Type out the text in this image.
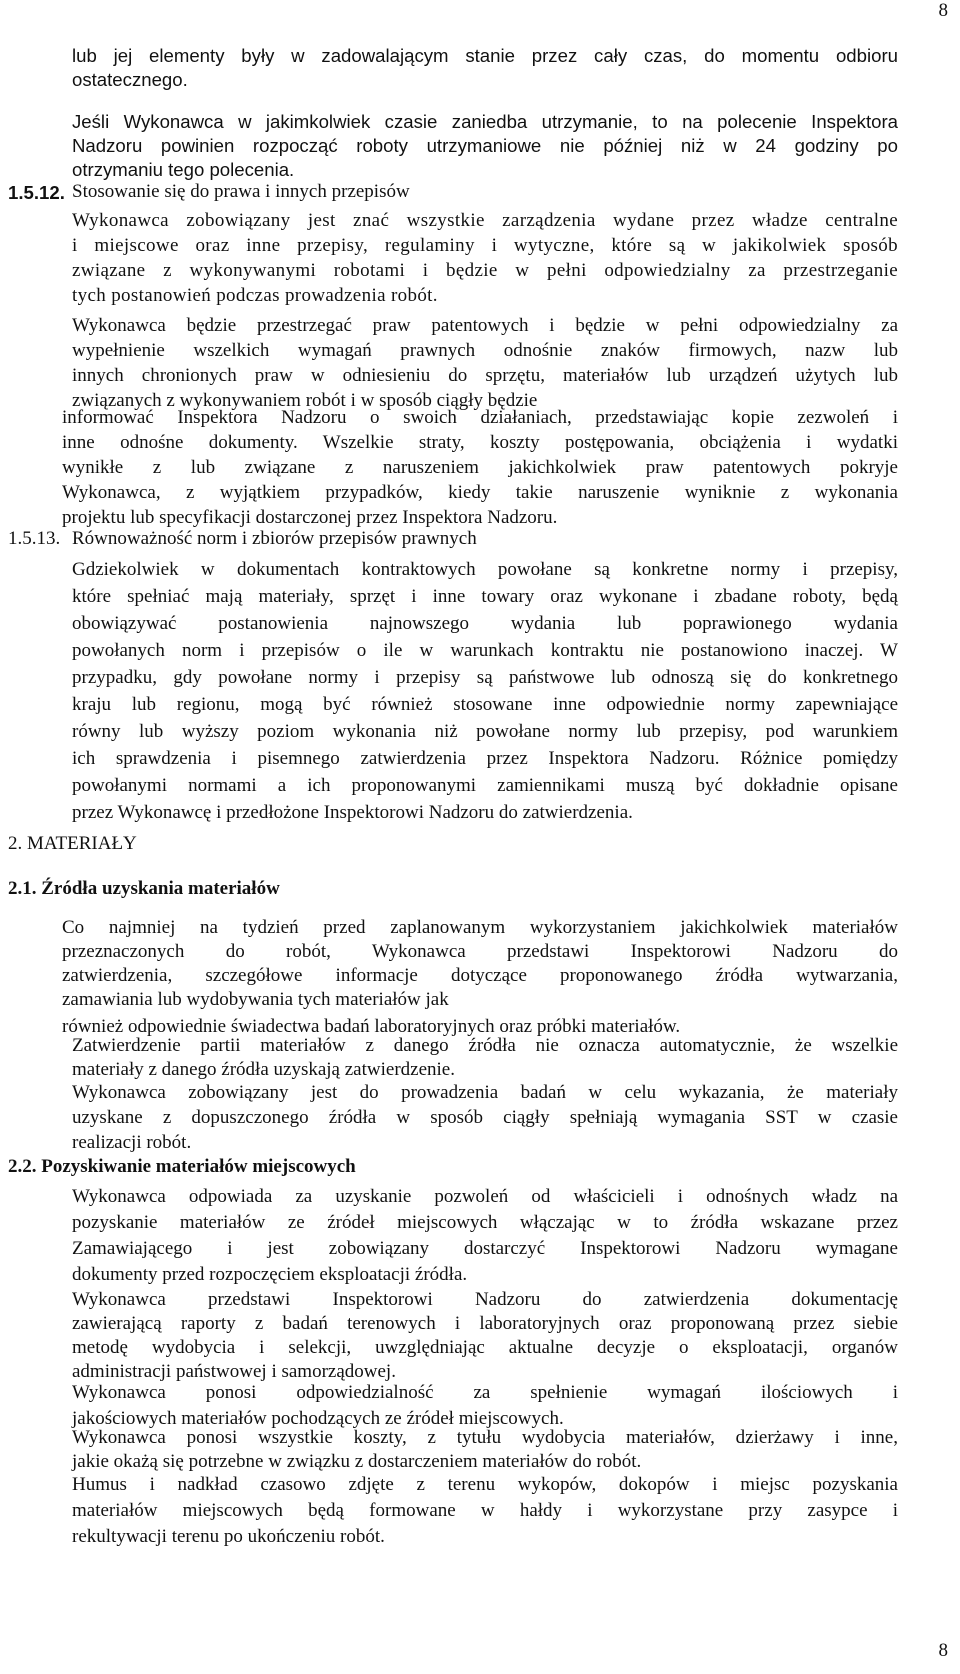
8
lub jej elementy były w zadowalającym stanie przez cały czas, do momentu odbioru
ostatecznego.
Jeśli Wykonawca w jakimkolwiek czasie zaniedba utrzymanie, to na polecenie Inspektora
Nadzoru powinien rozpocząć roboty utrzymaniowe nie później niż w 24 godziny po
otrzymaniu tego polecenia.
1.5.12. Stosowanie się do prawa i innych przepisów
Wykonawca zobowiązany jest znać wszystkie zarządzenia wydane przez władze centralne
i miejscowe oraz inne przepisy, regulaminy i wytyczne, które są w jakikolwiek sposób
związane z wykonywanymi robotami i będzie w pełni odpowiedzialny za przestrzeganie
tych postanowień podczas prowadzenia robót.
Wykonawca będzie przestrzegać praw patentowych i będzie w pełni odpowiedzialny za
wypełnienie wszelkich wymagań prawnych odnośnie znaków firmowych, nazw lub
innych chronionych praw w odniesieniu do sprzętu, materiałów lub urządzeń użytych lub
związanych z wykonywaniem robót i w sposób ciągły będzie
informować Inspektora Nadzoru o swoich działaniach, przedstawiając kopie zezwoleń i
inne odnośne dokumenty. Wszelkie straty, koszty postępowania, obciążenia i wydatki
wynikłe z lub związane z naruszeniem jakichkolwiek praw patentowych pokryje
Wykonawca, z wyjątkiem przypadków, kiedy takie naruszenie wyniknie z wykonania
projektu lub specyfikacji dostarczonej przez Inspektora Nadzoru.
1.5.13. Równoważność norm i zbiorów przepisów prawnych
Gdziekolwiek w dokumentach kontraktowych powołane są konkretne normy i przepisy,
które spełniać mają materiały, sprzęt i inne towary oraz wykonane i zbadane roboty, będą
obowiązywać postanowienia najnowszego wydania lub poprawionego wydania
powołanych norm i przepisów o ile w warunkach kontraktu nie postanowiono inaczej. W
przypadku, gdy powołane normy i przepisy są państwowe lub odnoszą się do konkretnego
kraju lub regionu, mogą być również stosowane inne odpowiednie normy zapewniające
równy lub wyższy poziom wykonania niż powołane normy lub przepisy, pod warunkiem
ich sprawdzenia i pisemnego zatwierdzenia przez Inspektora Nadzoru. Różnice pomiędzy
powołanymi normami a ich proponowanymi zamiennikami muszą być dokładnie opisane
przez Wykonawcę i przedłożone Inspektorowi Nadzoru do zatwierdzenia.
2. MATERIAŁY
2.1. Źródła uzyskania materiałów
Co najmniej na tydzień przed zaplanowanym wykorzystaniem jakichkolwiek materiałów
przeznaczonych do robót, Wykonawca przedstawi Inspektorowi Nadzoru do
zatwierdzenia, szczegółowe informacje dotyczące proponowanego źródła wytwarzania,
zamawiania lub wydobywania tych materiałów jak
również odpowiednie świadectwa badań laboratoryjnych oraz próbki materiałów.
Zatwierdzenie partii materiałów z danego źródła nie oznacza automatycznie, że wszelkie
materiały z danego źródła uzyskają zatwierdzenie.
Wykonawca zobowiązany jest do prowadzenia badań w celu wykazania, że materiały
uzyskane z dopuszczonego źródła w sposób ciągły spełniają wymagania SST w czasie
realizacji robót.
2.2. Pozyskiwanie materiałów miejscowych
Wykonawca odpowiada za uzyskanie pozwoleń od właścicieli i odnośnych władz na
pozyskanie materiałów ze źródeł miejscowych włączając w to źródła wskazane przez
Zamawiającego i jest zobowiązany dostarczyć Inspektorowi Nadzoru wymagane
dokumenty przed rozpoczęciem eksploatacji źródła.
Wykonawca przedstawi Inspektorowi Nadzoru do zatwierdzenia dokumentację
zawierającą raporty z badań terenowych i laboratoryjnych oraz proponowaną przez siebie
metodę wydobycia i selekcji, uwzględniając aktualne decyzje o eksploatacji, organów
administracji państwowej i samorządowej.
Wykonawca ponosi odpowiedzialność za spełnienie wymagań ilościowych i
jakościowych materiałów pochodzących ze źródeł miejscowych.
Wykonawca ponosi wszystkie koszty, z tytułu wydobycia materiałów, dzierżawy i inne,
jakie okażą się potrzebne w związku z dostarczeniem materiałów do robót.
Humus i nadkład czasowo zdjęte z terenu wykopów, dokopów i miejsc pozyskania
materiałów miejscowych będą formowane w hałdy i wykorzystane przy zasypce i
rekultywacji terenu po ukończeniu robót.
8
